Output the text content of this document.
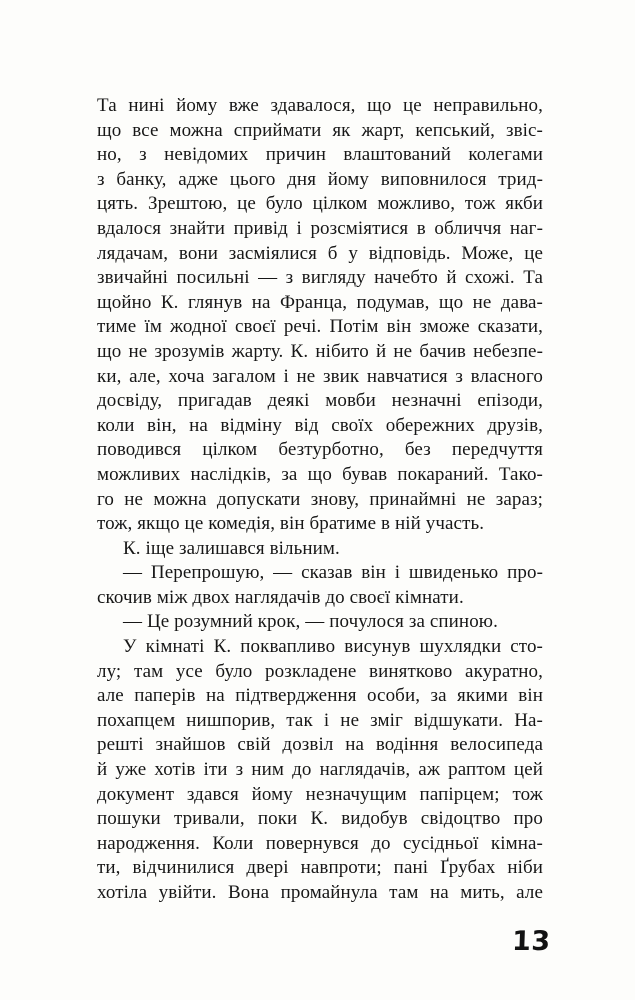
Та нині йому вже здавалося, що це неправильно,
що все можна сприймати як жарт, кепський, звіс-
но, з невідомих причин влаштований колегами
з банку, адже цього дня йому виповнилося трид-
цять. Зрештою, це було цілком можливо, тож якби
вдалося знайти привід і розсміятися в обличчя наг-
лядачам, вони засміялися б у відповідь. Може, це
звичайні посильні — з вигляду начебто й схожі. Та
щойно К. глянув на Франца, подумав, що не дава-
тиме їм жодної своєї речі. Потім він зможе сказати,
що не зрозумів жарту. К. нібито й не бачив небезпе-
ки, але, хоча загалом і не звик навчатися з власного
досвіду, пригадав деякі мовби незначні епізоди,
коли він, на відміну від своїх обережних друзів,
поводився цілком безтурботно, без передчуття
можливих наслідків, за що бував покараний. Тако-
го не можна допускати знову, принаймні не зараз;
тож, якщо це комедія, він братиме в ній участь.
К. іще залишався вільним.
— Перепрошую, — сказав він і швиденько про-
скочив між двох наглядачів до своєї кімнати.
— Це розумний крок, — почулося за спиною.
У кімнаті К. поквапливо висунув шухлядки сто-
лу; там усе було розкладене винятково акуратно,
але паперів на підтвердження особи, за якими він
похапцем нишпорив, так і не зміг відшукати. На-
решті знайшов свій дозвіл на водіння велосипеда
й уже хотів іти з ним до наглядачів, аж раптом цей
документ здався йому незначущим папірцем; тож
пошуки тривали, поки К. видобув свідоцтво про
народження. Коли повернувся до сусідньої кімна-
ти, відчинилися двері навпроти; пані Ґрубах ніби
хотіла увійти. Вона промайнула там на мить, але
13
